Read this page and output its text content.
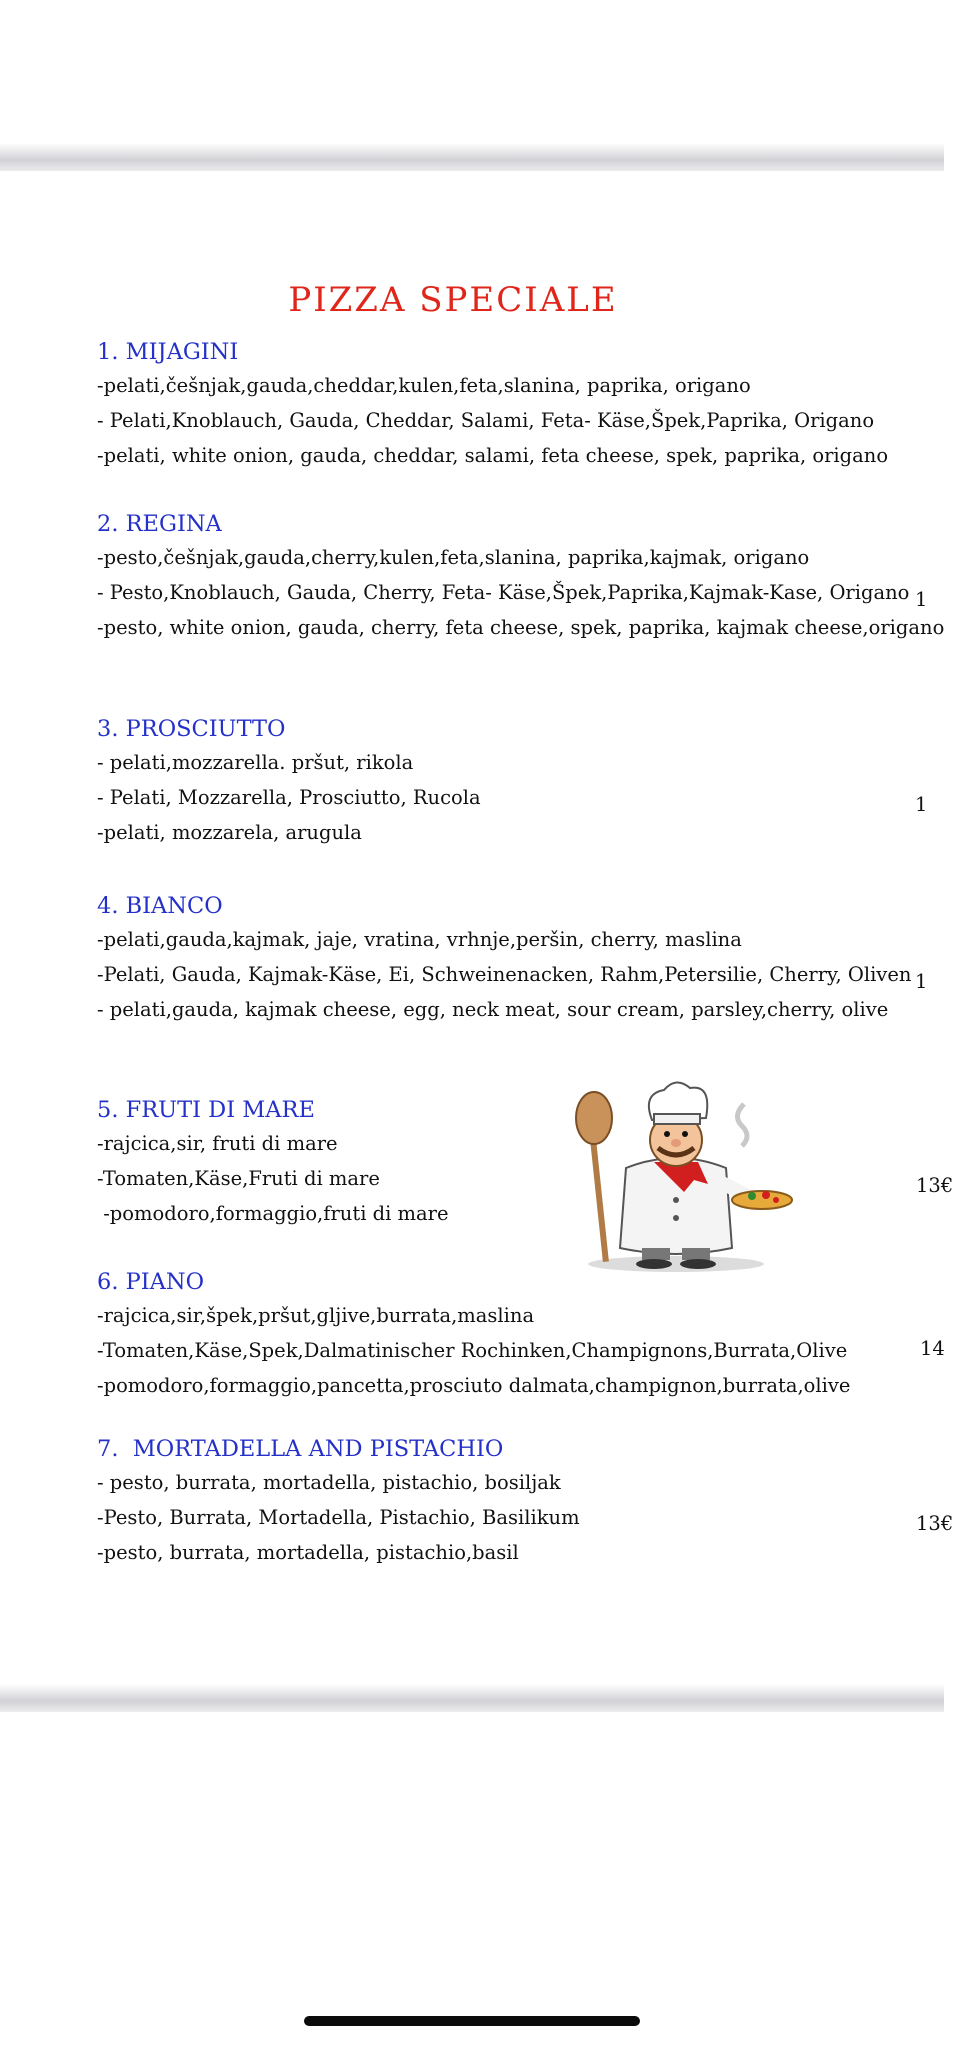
PIZZA SPECIALE
1. MIJAGINI

-pelati,češnjak,gauda,cheddar,kulen,feta,slanina, paprika, origano

- Pelati,Knoblauch, Gauda, Cheddar, Salami, Feta- Käse,Špek,Paprika, Origano

-pelati, white onion, gauda, cheddar, salami, feta cheese, spek, paprika, origano

2. REGINA

-pesto,češnjak,gauda,cherry,kulen,feta,slanina, paprika,kajmak, origano

- Pesto,Knoblauch, Gauda, Cherry, Feta- Käse,Špek,Paprika,Kajmak-Kase, Origano

-pesto, white onion, gauda, cherry, feta cheese, spek, paprika, kajmak cheese,origano

1
3. PROSCIUTTO

- pelati,mozzarella. pršut, rikola

- Pelati, Mozzarella, Prosciutto, Rucola

-pelati, mozzarela, arugula

1
4. BIANCO

-pelati,gauda,kajmak, jaje, vratina, vrhnje,peršin, cherry, maslina

-Pelati, Gauda, Kajmak-Käse, Ei, Schweinenacken, Rahm,Petersilie, Cherry, Oliven

- pelati,gauda, kajmak cheese, egg, neck meat, sour cream, parsley,cherry, olive

1
5. FRUTI DI MARE

-rajcica,sir, fruti di mare

-Tomaten,Käse,Fruti di mare

-pomodoro,formaggio,fruti di mare

13€
6. PIANO

-rajcica,sir,špek,pršut,gljive,burrata,maslina

-Tomaten,Käse,Spek,Dalmatinischer Rochinken,Champignons,Burrata,Olive

-pomodoro,formaggio,pancetta,prosciuto dalmata,champignon,burrata,olive

14
7.  MORTADELLA AND PISTACHIO

- pesto, burrata, mortadella, pistachio, bosiljak

-Pesto, Burrata, Mortadella, Pistachio, Basilikum

-pesto, burrata, mortadella, pistachio,basil

13€
